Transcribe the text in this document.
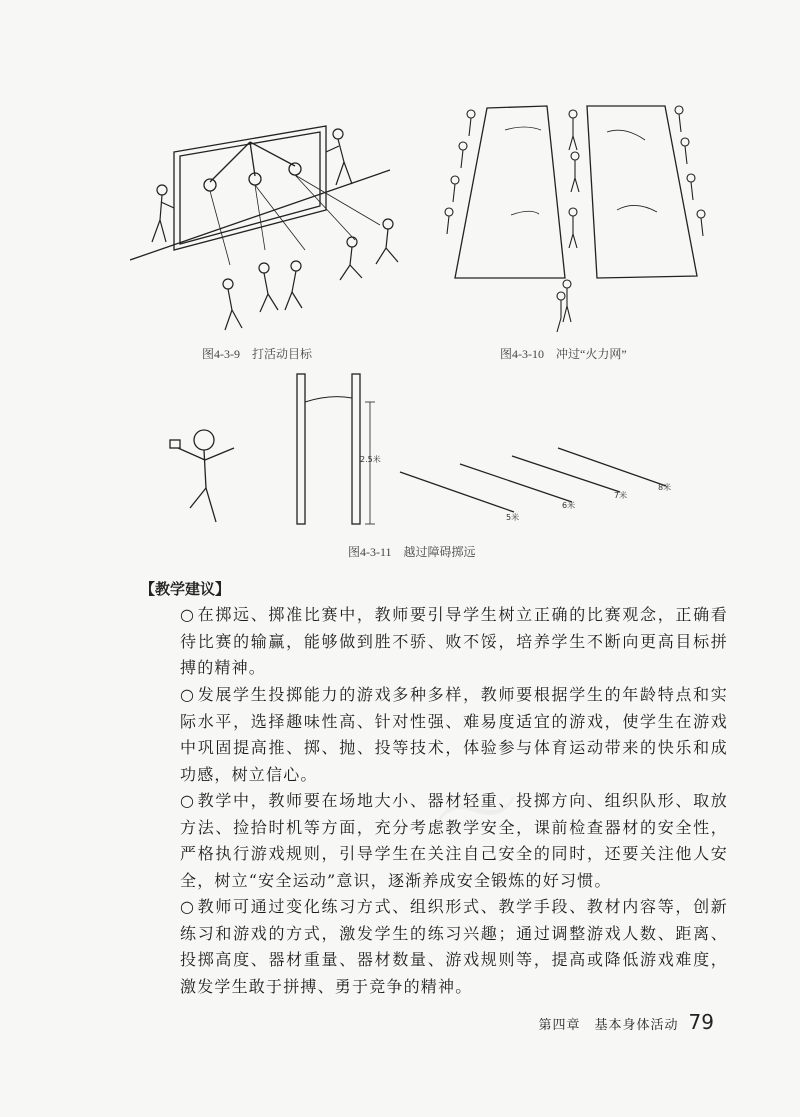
图4-3-9　打活动目标	图4-3-10　冲过“火力网”
2.5米
5米
6米
7米
8米
图4-3-11　越过障碍掷远
【教学建议】
○ 在掷远、掷准比赛中，教师要引导学生树立正确的比赛观念，正确看待比赛的输赢，能够做到胜不骄、败不馁，培养学生不断向更高目标拼搏的精神。
○ 发展学生投掷能力的游戏多种多样，教师要根据学生的年龄特点和实际水平，选择趣味性高、针对性强、难易度适宜的游戏，使学生在游戏中巩固提高推、掷、抛、投等技术，体验参与体育运动带来的快乐和成功感，树立信心。
○ 教学中，教师要在场地大小、器材轻重、投掷方向、组织队形、取放方法、捡拾时机等方面，充分考虑教学安全，课前检查器材的安全性，严格执行游戏规则，引导学生在关注自己安全的同时，还要关注他人安全，树立“安全运动”意识，逐渐养成安全锻炼的好习惯。
○ 教师可通过变化练习方式、组织形式、教学手段、教材内容等，创新练习和游戏的方式，激发学生的练习兴趣；通过调整游戏人数、距离、投掷高度、器材重量、器材数量、游戏规则等，提高或降低游戏难度，激发学生敢于拼搏、勇于竞争的精神。
第四章　基本身体活动 79
